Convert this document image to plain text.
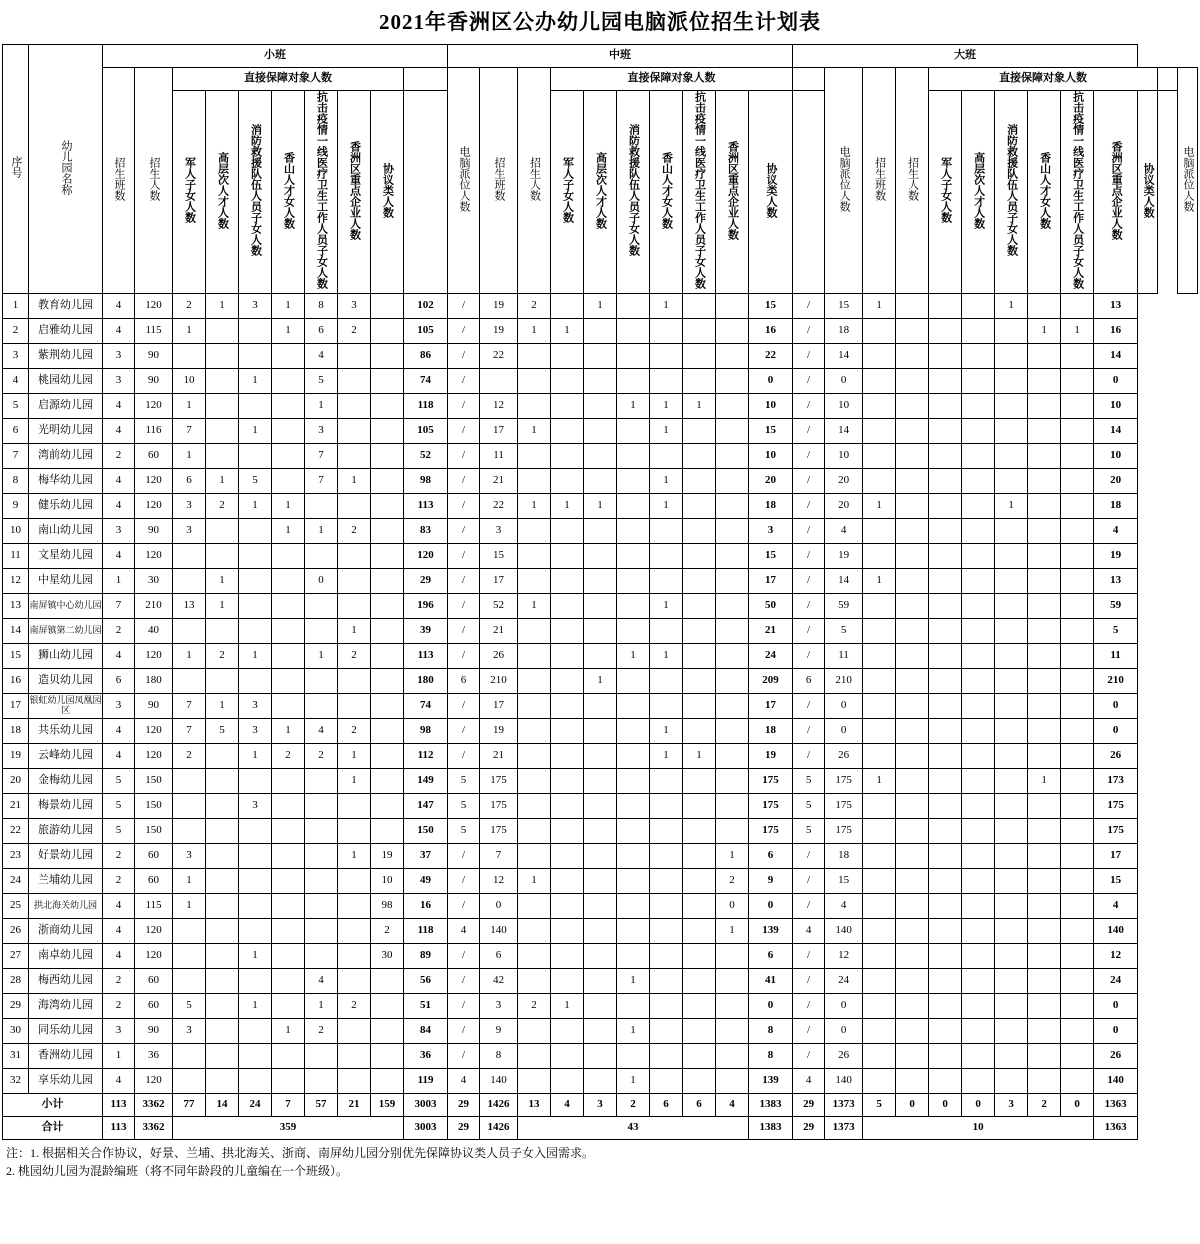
2021年香洲区公办幼儿园电脑派位招生计划表
序号	幼儿园名称	小班										中班										大班												
		招生班数	招生人数	直接保障对象人数								电脑派位人数	招生班数	招生人数	直接保障对象人数								电脑派位人数	招生班数	招生人数	直接保障对象人数								电脑派位人数
				军人子女人数	高层次人才人数	消防救援队伍人员子女人数	香山人才女人数	抗击疫情一线医疗卫生工作人员子女人数	香洲区重点企业人数	协议类人数					军人子女人数	高层次人才人数	消防救援队伍人员子女人数	香山人才女人数	抗击疫情一线医疗卫生工作人员子女人数	香洲区重点企业人数	协议类人数					军人子女人数	高层次人才人数	消防救援队伍人员子女人数	香山人才女人数	抗击疫情一线医疗卫生工作人员子女人数	香洲区重点企业人数	协议类人数		

1	教育幼儿园	4	120	2	1	3	1	8	3		102	/	19	2		1		1			15	/	15	1				1			13			
2	启雅幼儿园	4	115	1			1	6	2		105	/	19	1	1						16	/	18						1	1	16			
3	紫荆幼儿园	3	90					4			86	/	22								22	/	14								14			
4	桃园幼儿园	3	90	10		1		5			74	/									0	/	0								0			
5	启源幼儿园	4	120	1				1			118	/	12				1	1	1		10	/	10								10			
6	光明幼儿园	4	116	7		1		3			105	/	17	1				1			15	/	14								14			
7	湾前幼儿园	2	60	1				7			52	/	11								10	/	10								10			
8	梅华幼儿园	4	120	6	1	5		7	1		98	/	21					1			20	/	20								20			
9	健乐幼儿园	4	120	3	2	1	1				113	/	22	1	1	1		1			18	/	20	1				1			18			
10	南山幼儿园	3	90	3			1	1	2		83	/	3								3	/	4								4			
11	文星幼儿园	4	120								120	/	15								15	/	19								19			
12	中星幼儿园	1	30		1			0			29	/	17								17	/	14	1							13			
13	南屏镇中心幼儿园	7	210	13	1						196	/	52	1				1			50	/	59								59			
14	南屏镇第二幼儿园	2	40						1		39	/	21								21	/	5								5			
15	狮山幼儿园	4	120	1	2	1		1	2		113	/	26				1	1			24	/	11								11			
16	造贝幼儿园	6	180								180	6	210			1					209	6	210								210			
17	银虹幼儿园凤凰园区	3	90	7	1	3					74	/	17								17	/	0								0			
18	共乐幼儿园	4	120	7	5	3	1	4	2		98	/	19					1			18	/	0								0			
19	云峰幼儿园	4	120	2		1	2	2	1		112	/	21					1	1		19	/	26								26			
20	金梅幼儿园	5	150						1		149	5	175								175	5	175	1					1		173			
21	梅景幼儿园	5	150			3					147	5	175								175	5	175								175			
22	旅游幼儿园	5	150								150	5	175								175	5	175								175			
23	好景幼儿园	2	60	3					1	19	37	/	7							1	6	/	18								17			
24	兰埔幼儿园	2	60	1						10	49	/	12	1						2	9	/	15								15			
25	拱北海关幼儿园	4	115	1						98	16	/	0							0	0	/	4								4			
26	浙商幼儿园	4	120							2	118	4	140							1	139	4	140								140			
27	南卓幼儿园	4	120			1				30	89	/	6								6	/	12								12			
28	梅西幼儿园	2	60					4			56	/	42				1				41	/	24								24			
29	海湾幼儿园	2	60	5		1		1	2		51	/	3	2	1						0	/	0								0			
30	同乐幼儿园	3	90	3			1	2			84	/	9				1				8	/	0								0			
31	香洲幼儿园	1	36								36	/	8								8	/	26								26			
32	享乐幼儿园	4	120								119	4	140				1				139	4	140								140			
小计		113	3362	77	14	24	7	57	21	159	3003	29	1426	13	4	3	2	6	6	4	1383	29	1373	5	0	0	0	3	2	0	1363			
合计		113	3362	359							3003	29	1426	43							1383	29	1373	10							1363			
注：1. 根据相关合作协议，好景、兰埔、拱北海关、浙商、南屏幼儿园分别优先保障协议类人员子女入园需求。
2. 桃园幼儿园为混龄编班（将不同年龄段的儿童编在一个班级）。
